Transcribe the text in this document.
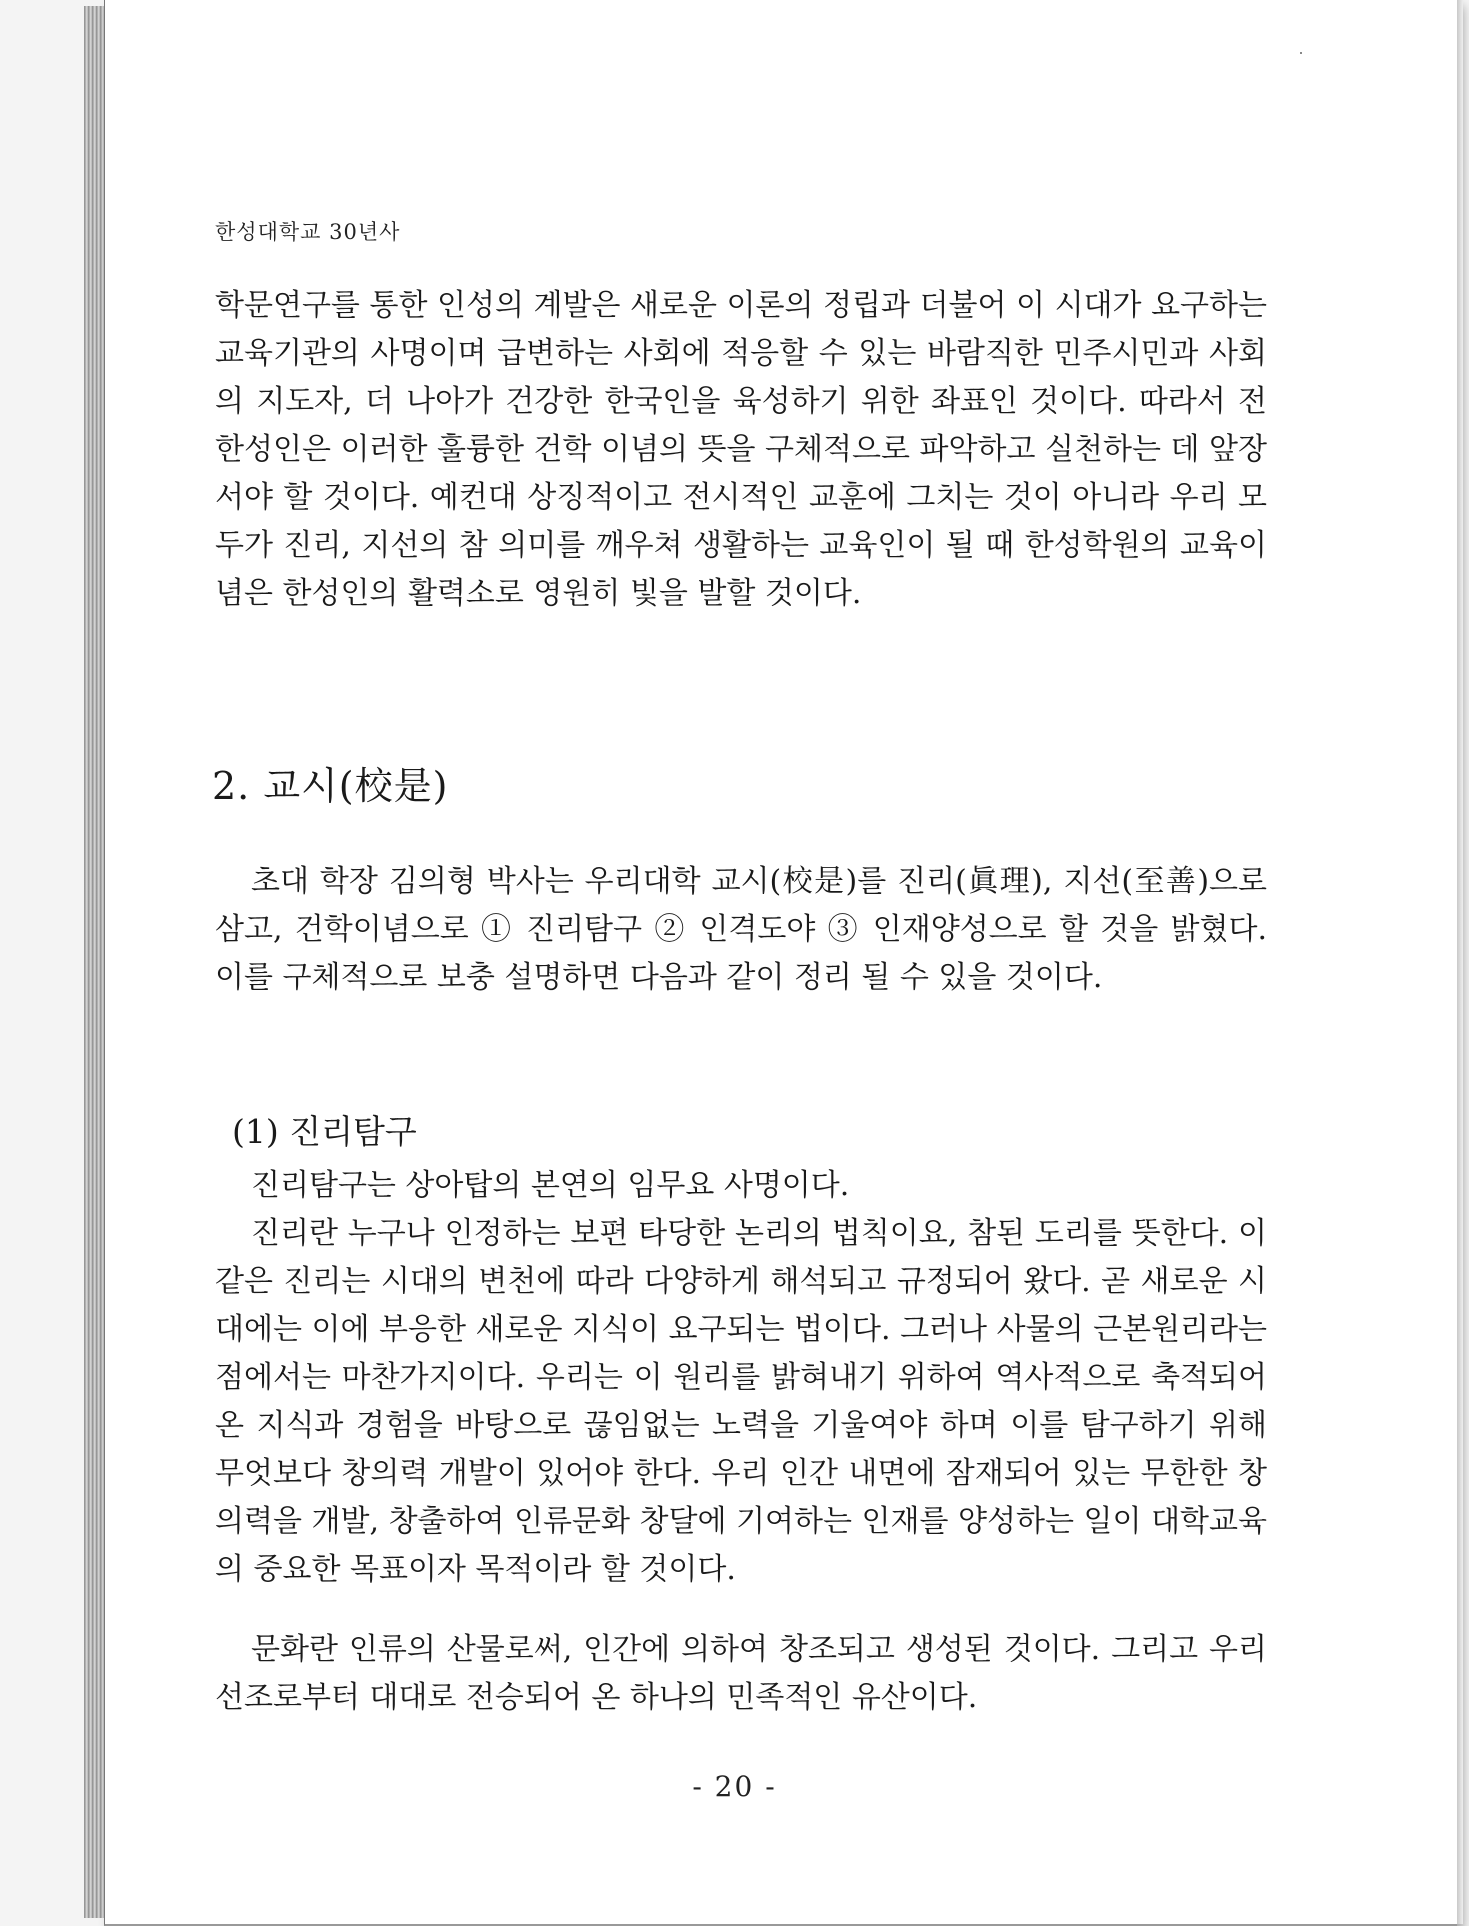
한성대학교 30년사
학문연구를 통한 인성의 계발은 새로운 이론의 정립과 더불어 이 시대가 요구하는 교육기관의 사명이며 급변하는 사회에 적응할 수 있는 바람직한 민주시민과 사회의 지도자, 더 나아가 건강한 한국인을 육성하기 위한 좌표인 것이다. 따라서 전 한성인은 이러한 훌륭한 건학 이념의 뜻을 구체적으로 파악하고 실천하는 데 앞장서야 할 것이다. 예컨대 상징적이고 전시적인 교훈에 그치는 것이 아니라 우리 모두가 진리, 지선의 참 의미를 깨우쳐 생활하는 교육인이 될 때 한성학원의 교육이념은 한성인의 활력소로 영원히 빛을 발할 것이다.
2. 교시(校是)
초대 학장 김의형 박사는 우리대학 교시(校是)를 진리(眞理), 지선(至善)으로 삼고, 건학이념으로 ① 진리탐구 ② 인격도야 ③ 인재양성으로 할 것을 밝혔다. 이를 구체적으로 보충 설명하면 다음과 같이 정리 될 수 있을 것이다.
(1) 진리탐구
진리탐구는 상아탑의 본연의 임무요 사명이다.
진리란 누구나 인정하는 보편 타당한 논리의 법칙이요, 참된 도리를 뜻한다. 이 같은 진리는 시대의 변천에 따라 다양하게 해석되고 규정되어 왔다. 곧 새로운 시대에는 이에 부응한 새로운 지식이 요구되는 법이다. 그러나 사물의 근본원리라는 점에서는 마찬가지이다. 우리는 이 원리를 밝혀내기 위하여 역사적으로 축적되어 온 지식과 경험을 바탕으로 끊임없는 노력을 기울여야 하며 이를 탐구하기 위해 무엇보다 창의력 개발이 있어야 한다. 우리 인간 내면에 잠재되어 있는 무한한 창의력을 개발, 창출하여 인류문화 창달에 기여하는 인재를 양성하는 일이 대학교육의 중요한 목표이자 목적이라 할 것이다.
문화란 인류의 산물로써, 인간에 의하여 창조되고 생성된 것이다. 그리고 우리 선조로부터 대대로 전승되어 온 하나의 민족적인 유산이다.
- 20 -
